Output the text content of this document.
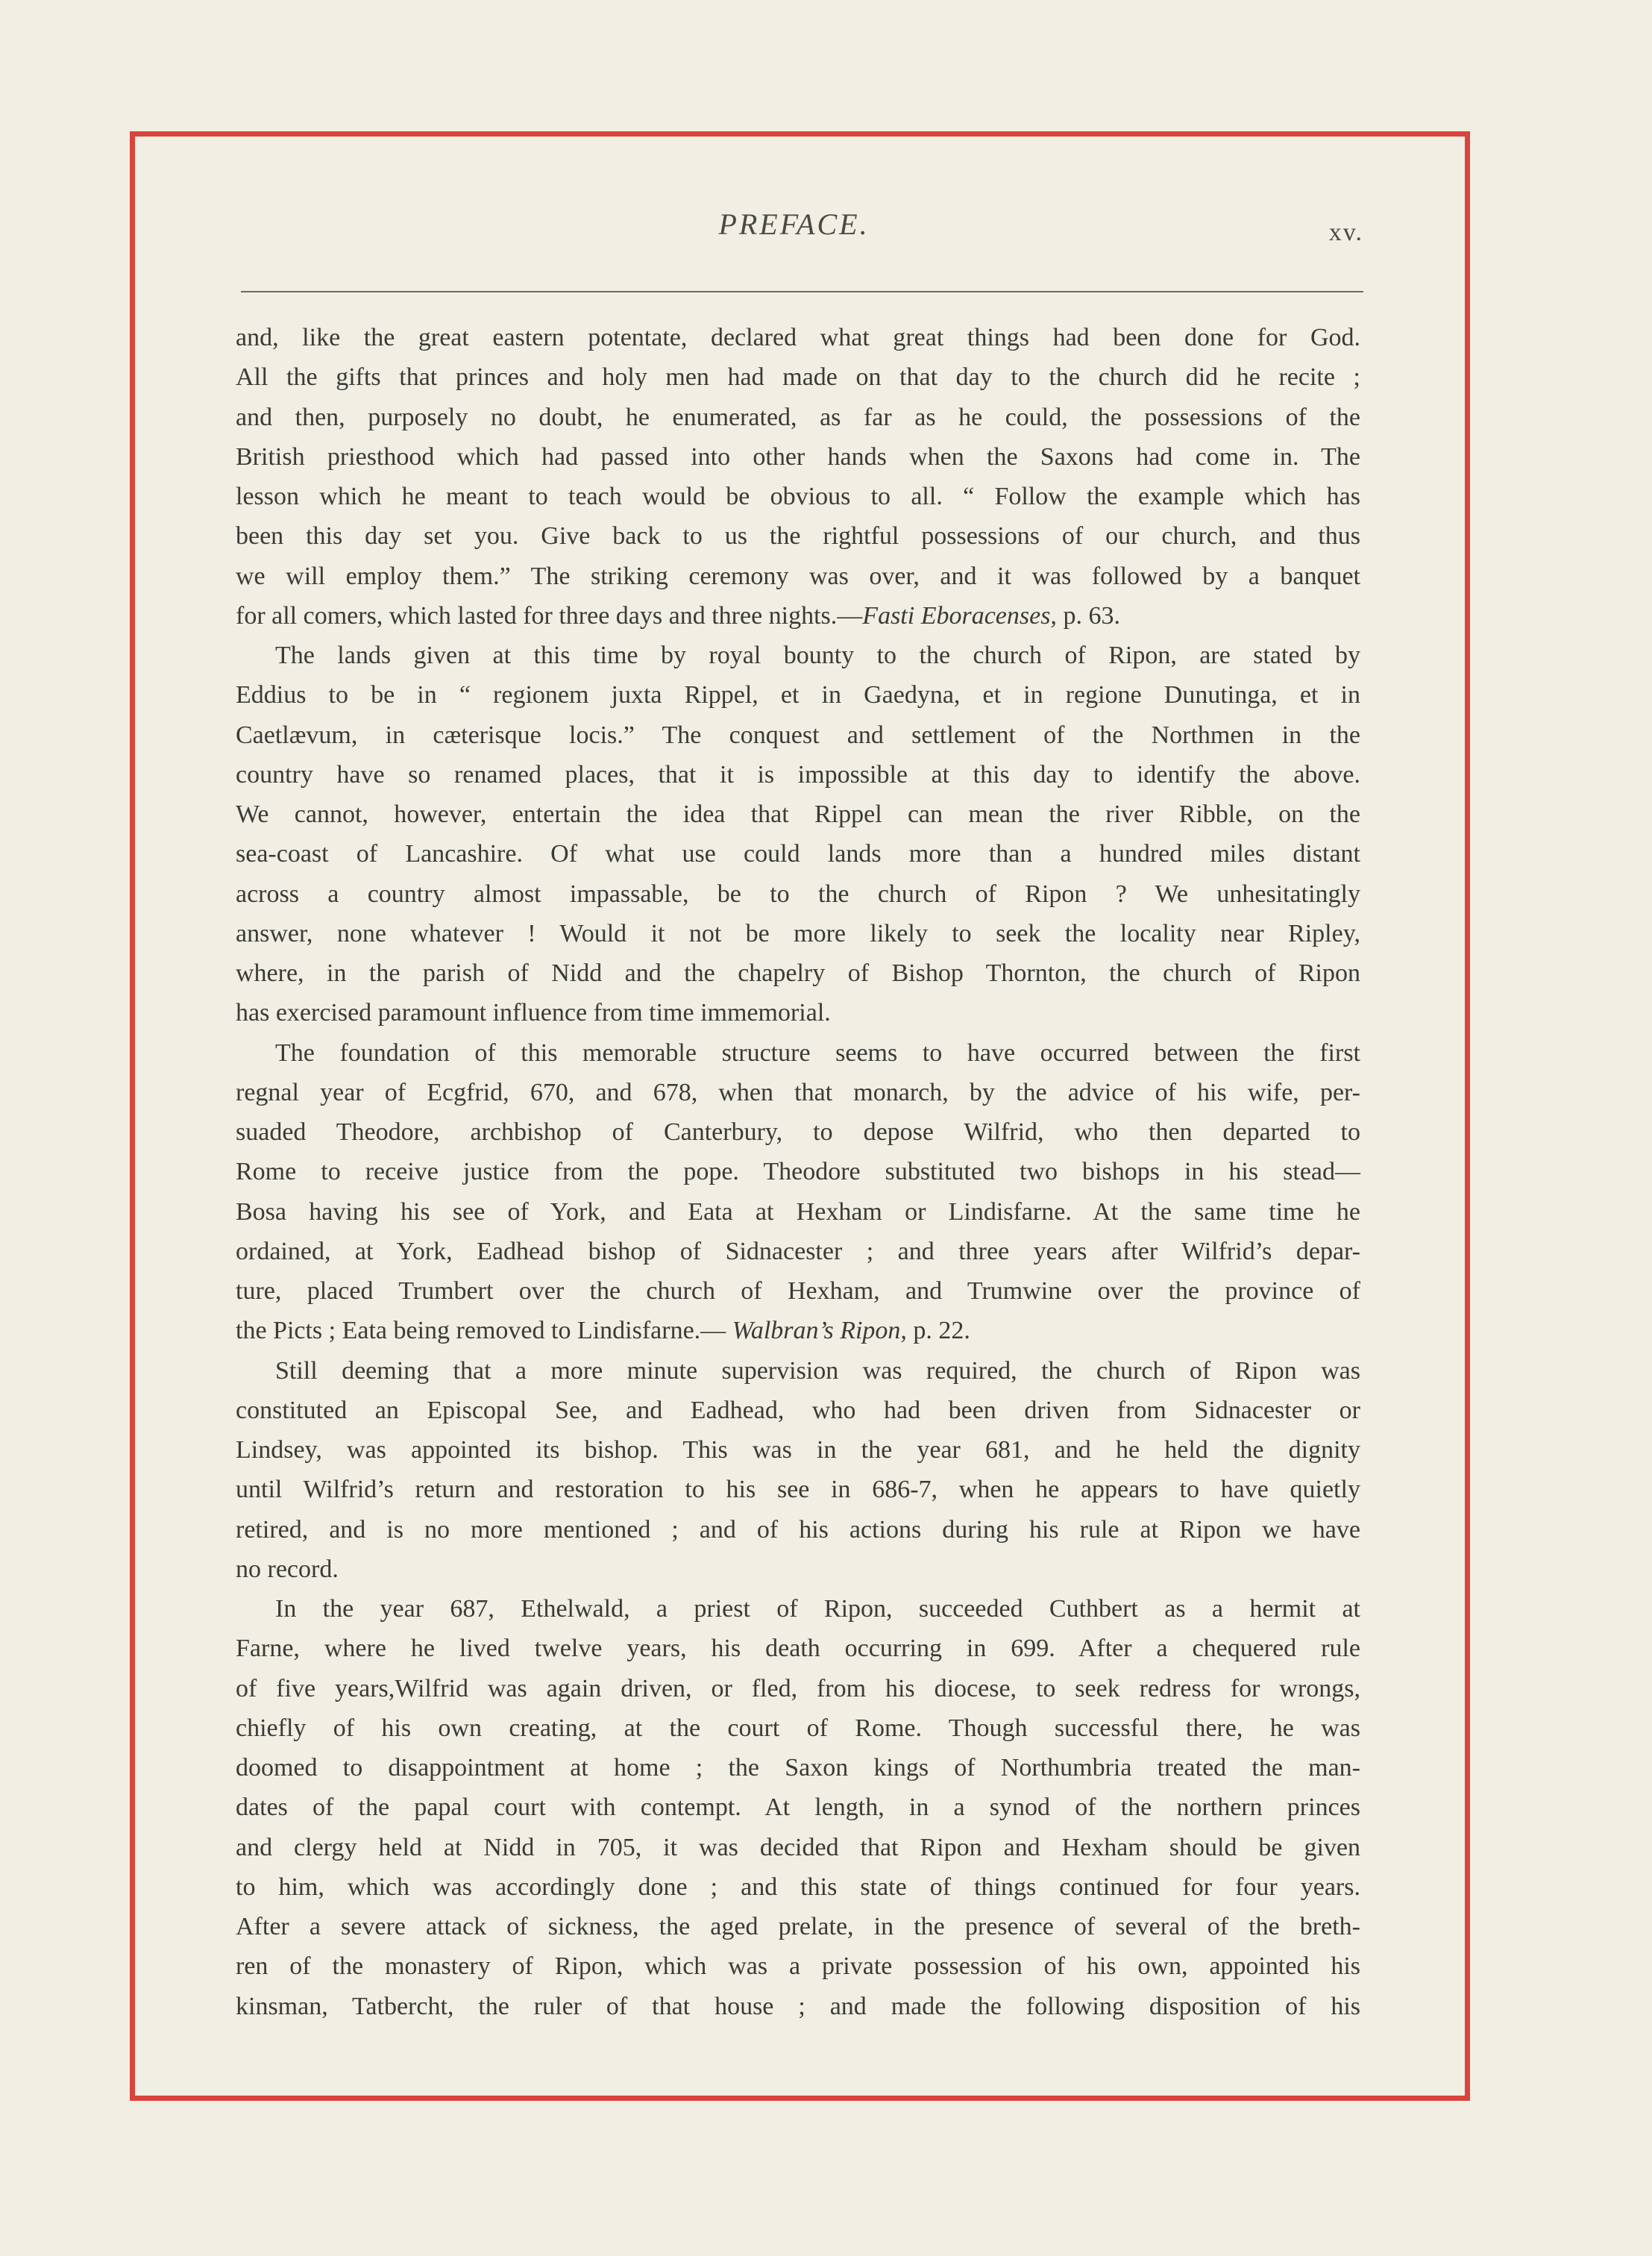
PREFACE.	xv.
and, like the great eastern potentate, declared what great things had been done for God.
All the gifts that princes and holy men had made on that day to the church did he recite ;
and then, purposely no doubt, he enumerated, as far as he could, the possessions of the
British priesthood which had passed into other hands when the Saxons had come in. The
lesson which he meant to teach would be obvious to all. “ Follow the example which has
been this day set you. Give back to us the rightful possessions of our church, and thus
we will employ them.” The striking ceremony was over, and it was followed by a banquet
for all comers, which lasted for three days and three nights.—Fasti Eboracenses, p. 63.
The lands given at this time by royal bounty to the church of Ripon, are stated by
Eddius to be in “ regionem juxta Rippel, et in Gaedyna, et in regione Dunutinga, et in
Caetlævum, in cæterisque locis.” The conquest and settlement of the Northmen in the
country have so renamed places, that it is impossible at this day to identify the above.
We cannot, however, entertain the idea that Rippel can mean the river Ribble, on the
sea-coast of Lancashire. Of what use could lands more than a hundred miles distant
across a country almost impassable, be to the church of Ripon ? We unhesitatingly
answer, none whatever ! Would it not be more likely to seek the locality near Ripley,
where, in the parish of Nidd and the chapelry of Bishop Thornton, the church of Ripon
has exercised paramount influence from time immemorial.
The foundation of this memorable structure seems to have occurred between the first
regnal year of Ecgfrid, 670, and 678, when that monarch, by the advice of his wife, per-
suaded Theodore, archbishop of Canterbury, to depose Wilfrid, who then departed to
Rome to receive justice from the pope. Theodore substituted two bishops in his stead—
Bosa having his see of York, and Eata at Hexham or Lindisfarne. At the same time he
ordained, at York, Eadhead bishop of Sidnacester ; and three years after Wilfrid’s depar-
ture, placed Trumbert over the church of Hexham, and Trumwine over the province of
the Picts ; Eata being removed to Lindisfarne.— Walbran’s Ripon, p. 22.
Still deeming that a more minute supervision was required, the church of Ripon was
constituted an Episcopal See, and Eadhead, who had been driven from Sidnacester or
Lindsey, was appointed its bishop. This was in the year 681, and he held the dignity
until Wilfrid’s return and restoration to his see in 686-7, when he appears to have quietly
retired, and is no more mentioned ; and of his actions during his rule at Ripon we have
no record.
In the year 687, Ethelwald, a priest of Ripon, succeeded Cuthbert as a hermit at
Farne, where he lived twelve years, his death occurring in 699. After a chequered rule
of five years,Wilfrid was again driven, or fled, from his diocese, to seek redress for wrongs,
chiefly of his own creating, at the court of Rome. Though successful there, he was
doomed to disappointment at home ; the Saxon kings of Northumbria treated the man-
dates of the papal court with contempt. At length, in a synod of the northern princes
and clergy held at Nidd in 705, it was decided that Ripon and Hexham should be given
to him, which was accordingly done ; and this state of things continued for four years.
After a severe attack of sickness, the aged prelate, in the presence of several of the breth-
ren of the monastery of Ripon, which was a private possession of his own, appointed his
kinsman, Tatbercht, the ruler of that house ; and made the following disposition of his
